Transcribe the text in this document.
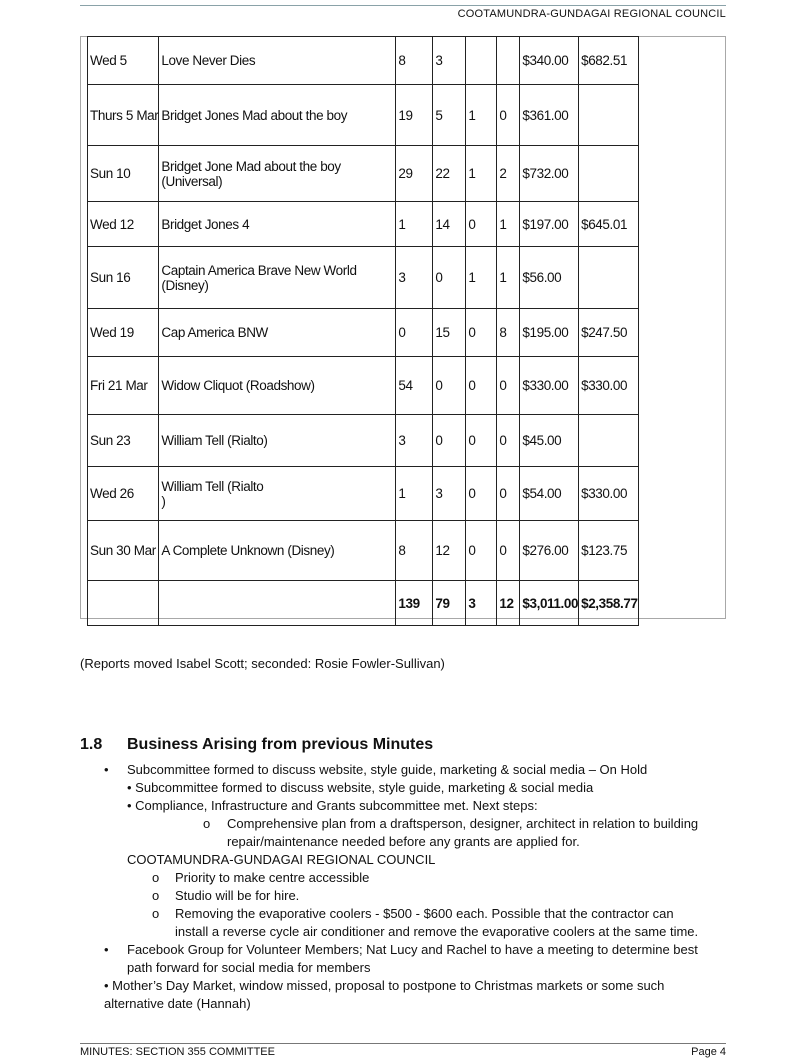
COOTAMUNDRA-GUNDAGAI REGIONAL COUNCIL
Wed 5	Love Never Dies	8	3			$340.00	$682.51
Thurs 5 Mar	Bridget Jones Mad about the boy	19	5	1	0	$361.00	
Sun 10	Bridget Jone Mad about the boy (Universal)	29	22	1	2	$732.00	
Wed 12	Bridget Jones 4	1	14	0	1	$197.00	$645.01
Sun 16	Captain America Brave New World (Disney)	3	0	1	1	$56.00	
Wed 19	Cap America BNW	0	15	0	8	$195.00	$247.50
Fri 21 Mar	Widow Cliquot (Roadshow)	54	0	0	0	$330.00	$330.00
Sun 23	William Tell (Rialto)	3	0	0	0	$45.00	
Wed 26	William Tell (Rialto
)	1	3	0	0	$54.00	$330.00
Sun 30 Mar	A Complete Unknown (Disney)	8	12	0	0	$276.00	$123.75
		139	79	3	12	$3,011.00	$2,358.77
(Reports moved Isabel Scott; seconded: Rosie Fowler-Sullivan)
1.8 Business Arising from previous Minutes
• Subcommittee formed to discuss website, style guide, marketing & social media – On Hold
• Subcommittee formed to discuss website, style guide, marketing & social media
• Compliance, Infrastructure and Grants subcommittee met. Next steps:
o Comprehensive plan from a draftsperson, designer, architect in relation to building
repair/maintenance needed before any grants are applied for.
COOTAMUNDRA-GUNDAGAI REGIONAL COUNCIL
o Priority to make centre accessible
o Studio will be for hire.
o Removing the evaporative coolers - $500 - $600 each. Possible that the contractor can
install a reverse cycle air conditioner and remove the evaporative coolers at the same time.
• Facebook Group for Volunteer Members; Nat Lucy and Rachel to have a meeting to determine best
path forward for social media for members
• Mother’s Day Market, window missed, proposal to postpone to Christmas markets or some such
alternative date (Hannah)
MINUTES: SECTION 355 COMMITTEE	Page 4
